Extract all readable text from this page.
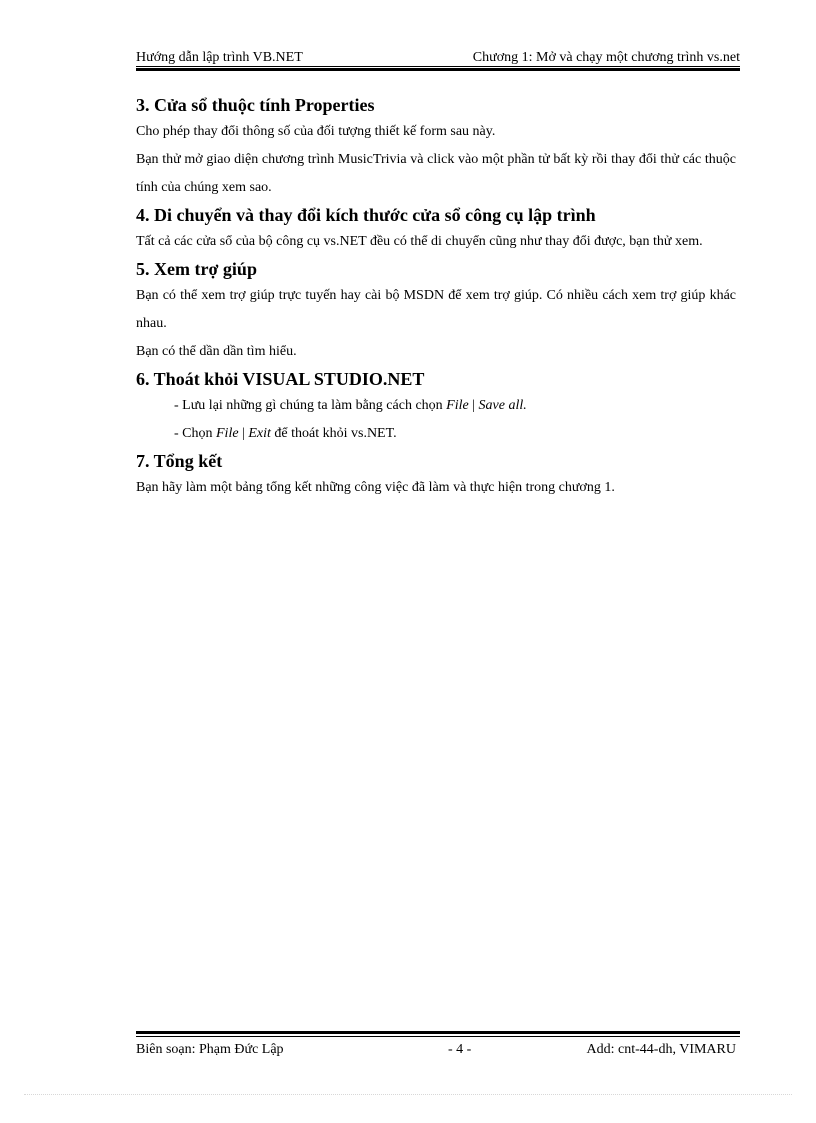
Hướng dẫn lập trình VB.NET	Chương 1: Mở và chạy một chương trình vs.net
3. Cửa sổ thuộc tính Properties

Cho phép thay đổi thông số của đối tượng thiết kế form sau này.

Bạn thử mở giao diện chương trình MusicTrivia và click vào một phần tử bất kỳ rồi thay đổi thử các thuộc tính của chúng xem sao.

4. Di chuyển và thay đổi kích thước cửa sổ công cụ lập trình

Tất cả các cửa sổ của bộ công cụ vs.NET đều có thể di chuyển cũng như thay đổi được, bạn thử xem.

5. Xem trợ giúp

Bạn có thể xem trợ giúp trực tuyến hay cài bộ MSDN để xem trợ giúp. Có nhiều cách xem trợ giúp khác nhau.

Bạn có thể dần dần tìm hiểu.

6. Thoát khỏi VISUAL STUDIO.NET

- Lưu lại những gì chúng ta làm bằng cách chọn File | Save all.

- Chọn File | Exit để thoát khỏi vs.NET.

7. Tổng kết

Bạn hãy làm một bảng tổng kết những công việc đã làm và thực hiện trong chương 1.

Biên soạn: Phạm Đức Lập	- 4 -	Add: cnt-44-dh, VIMARU
